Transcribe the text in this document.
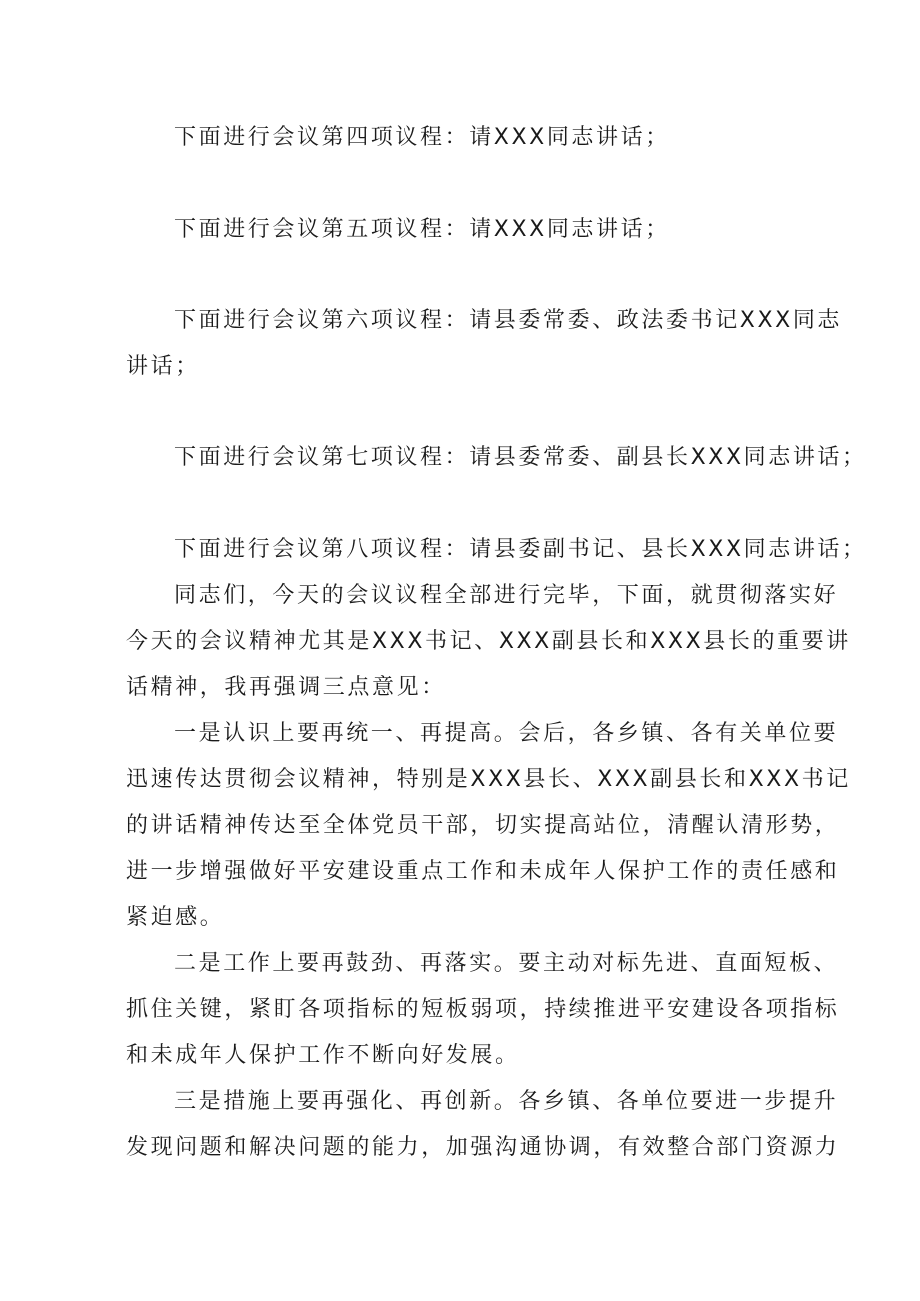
下面进行会议第四项议程：请XXX同志讲话；

下面进行会议第五项议程：请XXX同志讲话；

下面进行会议第六项议程：请县委常委、政法委书记XXX同志
讲话；

下面进行会议第七项议程：请县委常委、副县长XXX同志讲话；

下面进行会议第八项议程：请县委副书记、县长XXX同志讲话；

同志们，今天的会议议程全部进行完毕，下面，就贯彻落实好
今天的会议精神尤其是XXX书记、XXX副县长和XXX县长的重要讲
话精神，我再强调三点意见：

一是认识上要再统一、再提高。会后，各乡镇、各有关单位要
迅速传达贯彻会议精神，特别是XXX县长、XXX副县长和XXX书记
的讲话精神传达至全体党员干部，切实提高站位，清醒认清形势，
进一步增强做好平安建设重点工作和未成年人保护工作的责任感和
紧迫感。

二是工作上要再鼓劲、再落实。要主动对标先进、直面短板、
抓住关键，紧盯各项指标的短板弱项，持续推进平安建设各项指标
和未成年人保护工作不断向好发展。

三是措施上要再强化、再创新。各乡镇、各单位要进一步提升
发现问题和解决问题的能力，加强沟通协调，有效整合部门资源力
